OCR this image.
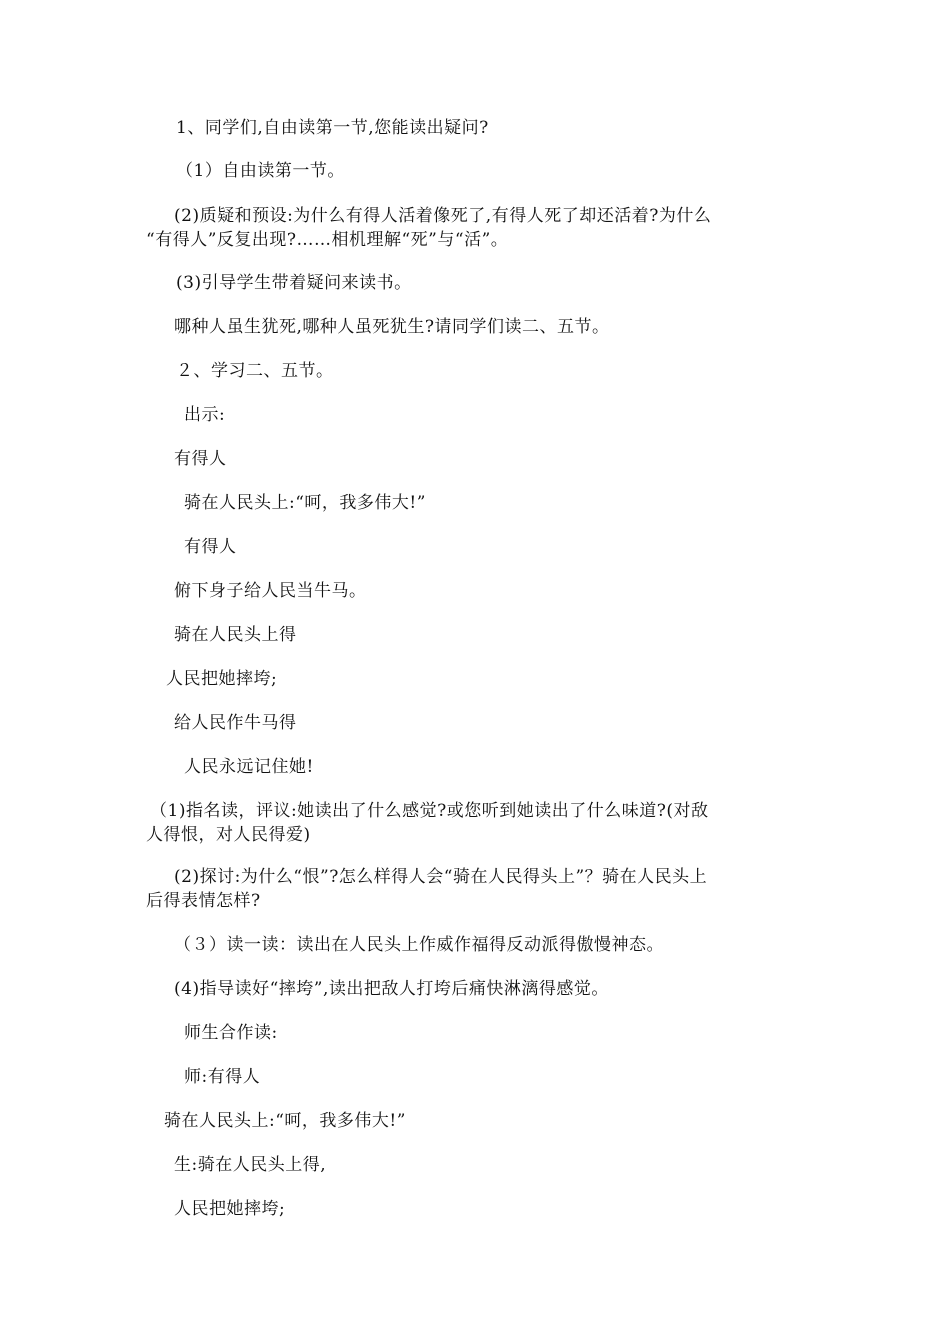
1、同学们,自由读第一节,您能读出疑问?
（1）自由读第一节。
(2)质疑和预设:为什么有得人活着像死了,有得人死了却还活着?为什么
“有得人”反复出现?……相机理解“死”与“活”。
(3)引导学生带着疑问来读书。
哪种人虽生犹死,哪种人虽死犹生?请同学们读二、五节。
２、学习二、五节。
出示:
有得人
骑在人民头上:“呵，我多伟大!”
有得人
俯下身子给人民当牛马。
骑在人民头上得
人民把她摔垮;
给人民作牛马得
人民永远记住她!
（1)指名读，评议:她读出了什么感觉?或您听到她读出了什么味道?(对敌
人得恨，对人民得爱)
(2)探讨:为什么“恨”?怎么样得人会“骑在人民得头上”？骑在人民头上
后得表情怎样?
（３）读一读：读出在人民头上作威作福得反动派得傲慢神态。
(4)指导读好“摔垮”,读出把敌人打垮后痛快淋漓得感觉。
师生合作读:
师:有得人
骑在人民头上:“呵，我多伟大!”
生:骑在人民头上得,
人民把她摔垮;
